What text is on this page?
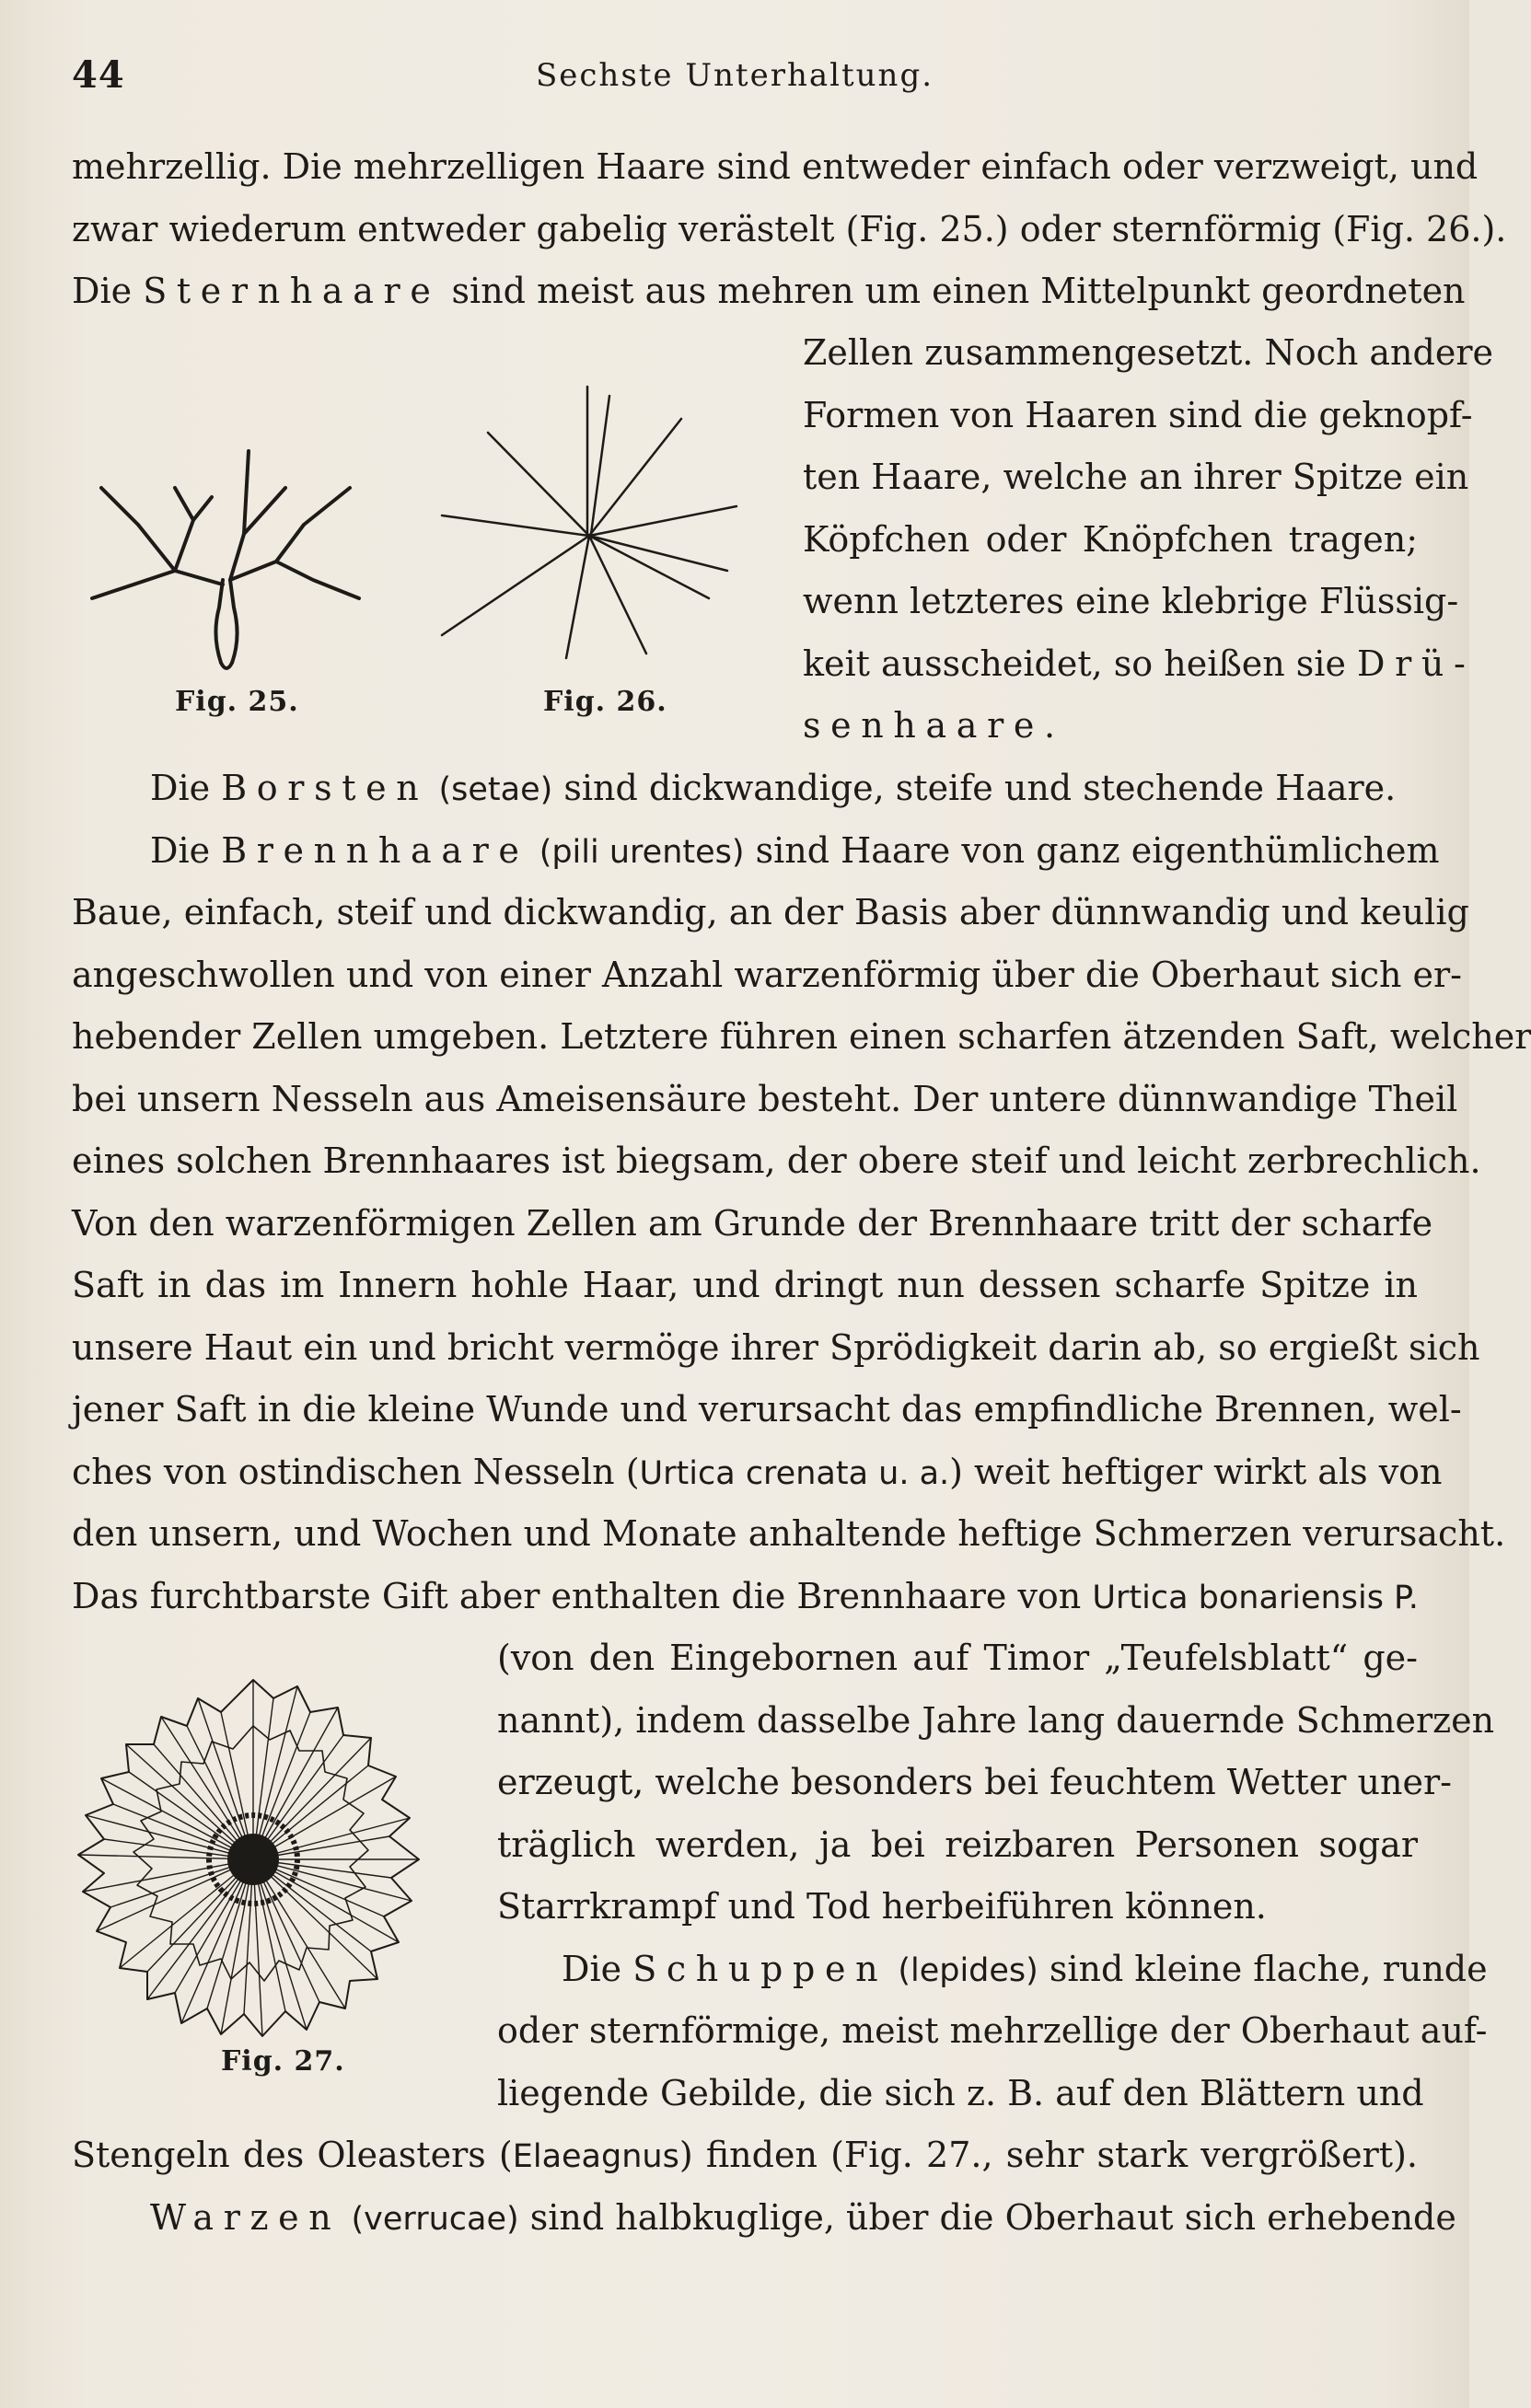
44	Sechste Unterhaltung.
mehrzellig. Die mehrzelligen Haare sind entweder einfach oder verzweigt, und
zwar wiederum entweder gabelig verästelt (Fig. 25.) oder sternförmig (Fig. 26.).
Die Sternhaare sind meist aus mehren um einen Mittelpunkt geordneten
Zellen zusammengesetzt. Noch andere
Formen von Haaren sind die geknopf-
ten Haare, welche an ihrer Spitze ein
Köpfchen oder Knöpfchen tragen;
wenn letzteres eine klebrige Flüssig-
keit ausscheidet, so heißen sie Drü-
senhaare.
Fig. 25.	Fig. 26.
Die Borsten (setae) sind dickwandige, steife und stechende Haare.
Die Brennhaare (pili urentes) sind Haare von ganz eigenthümlichem
Baue, einfach, steif und dickwandig, an der Basis aber dünnwandig und keulig
angeschwollen und von einer Anzahl warzenförmig über die Oberhaut sich er-
hebender Zellen umgeben. Letztere führen einen scharfen ätzenden Saft, welcher
bei unsern Nesseln aus Ameisensäure besteht. Der untere dünnwandige Theil
eines solchen Brennhaares ist biegsam, der obere steif und leicht zerbrechlich.
Von den warzenförmigen Zellen am Grunde der Brennhaare tritt der scharfe
Saft in das im Innern hohle Haar, und dringt nun dessen scharfe Spitze in
unsere Haut ein und bricht vermöge ihrer Sprödigkeit darin ab, so ergießt sich
jener Saft in die kleine Wunde und verursacht das empfindliche Brennen, wel-
ches von ostindischen Nesseln (Urtica crenata u. a.) weit heftiger wirkt als von
den unsern, und Wochen und Monate anhaltende heftige Schmerzen verursacht.
Das furchtbarste Gift aber enthalten die Brennhaare von Urtica bonariensis P.
(von den Eingebornen auf Timor „Teufelsblatt“ ge-
nannt), indem dasselbe Jahre lang dauernde Schmerzen
erzeugt, welche besonders bei feuchtem Wetter uner-
träglich werden, ja bei reizbaren Personen sogar
Starrkrampf und Tod herbeiführen können.
Die Schuppen (lepides) sind kleine flache, runde
oder sternförmige, meist mehrzellige der Oberhaut auf-
liegende Gebilde, die sich z. B. auf den Blättern und
Fig. 27.
Stengeln des Oleasters (Elaeagnus) finden (Fig. 27., sehr stark vergrößert).
Warzen (verrucae) sind halbkuglige, über die Oberhaut sich erhebende
